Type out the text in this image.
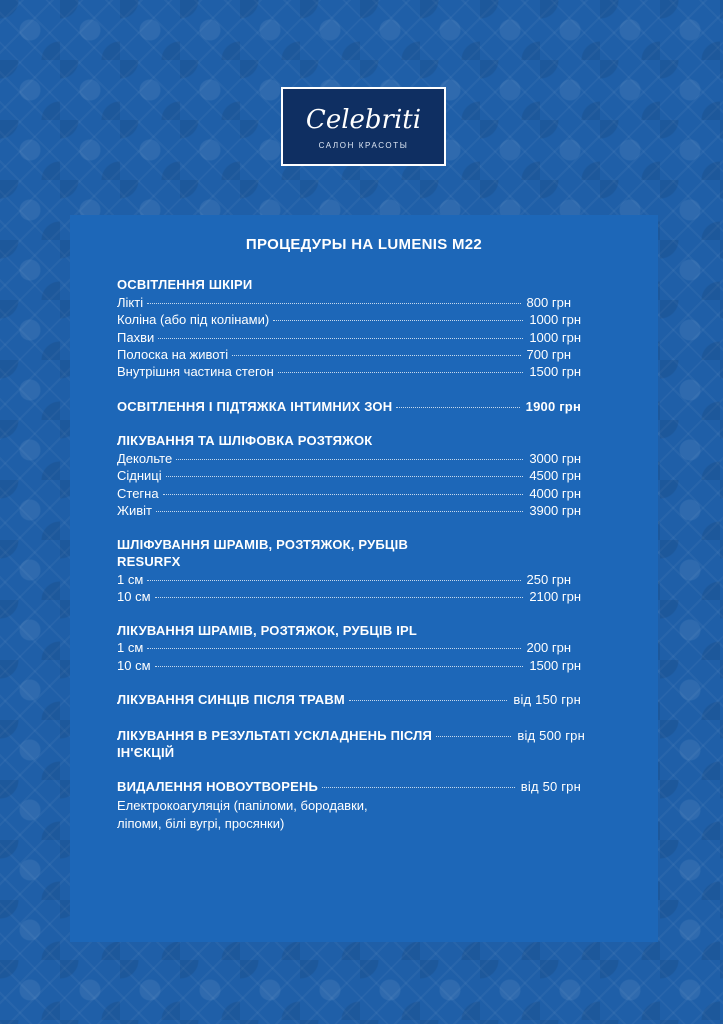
Celebriti
САЛОН КРАСОТЫ
ПРОЦЕДУРЫ НА LUMENIS M22
ОСВІТЛЕННЯ ШКІРИ
Лікті	800 грн
Коліна (або під колінами)	1000 грн
Пахви	1000 грн
Полоска на животі	700 грн
Внутрішня частина стегон	1500 грн
ОСВІТЛЕННЯ І ПІДТЯЖКА ІНТИМНИХ ЗОН	1900 грн
ЛІКУВАННЯ ТА ШЛІФОВКА РОЗТЯЖОК
Декольте	3000 грн
Сідниці	4500 грн
Стегна	4000 грн
Живіт	3900 грн
ШЛІФУВАННЯ ШРАМІВ, РОЗТЯЖОК, РУБЦІВ
RESURFX
1 см	250 грн
10 см	2100 грн
ЛІКУВАННЯ ШРАМІВ, РОЗТЯЖОК, РУБЦІВ IPL
1 см	200 грн
10 см	1500 грн
ЛІКУВАННЯ СИНЦІВ ПІСЛЯ ТРАВМ	від 150 грн
ЛІКУВАННЯ В РЕЗУЛЬТАТІ УСКЛАДНЕНЬ ПІСЛЯ	від 500 грн
ІН'ЄКЦІЙ
ВИДАЛЕННЯ НОВОУТВОРЕНЬ	від 50 грн
Електрокоагуляція (папіломи, бородавки,
ліпоми, білі вугрі, просянки)
